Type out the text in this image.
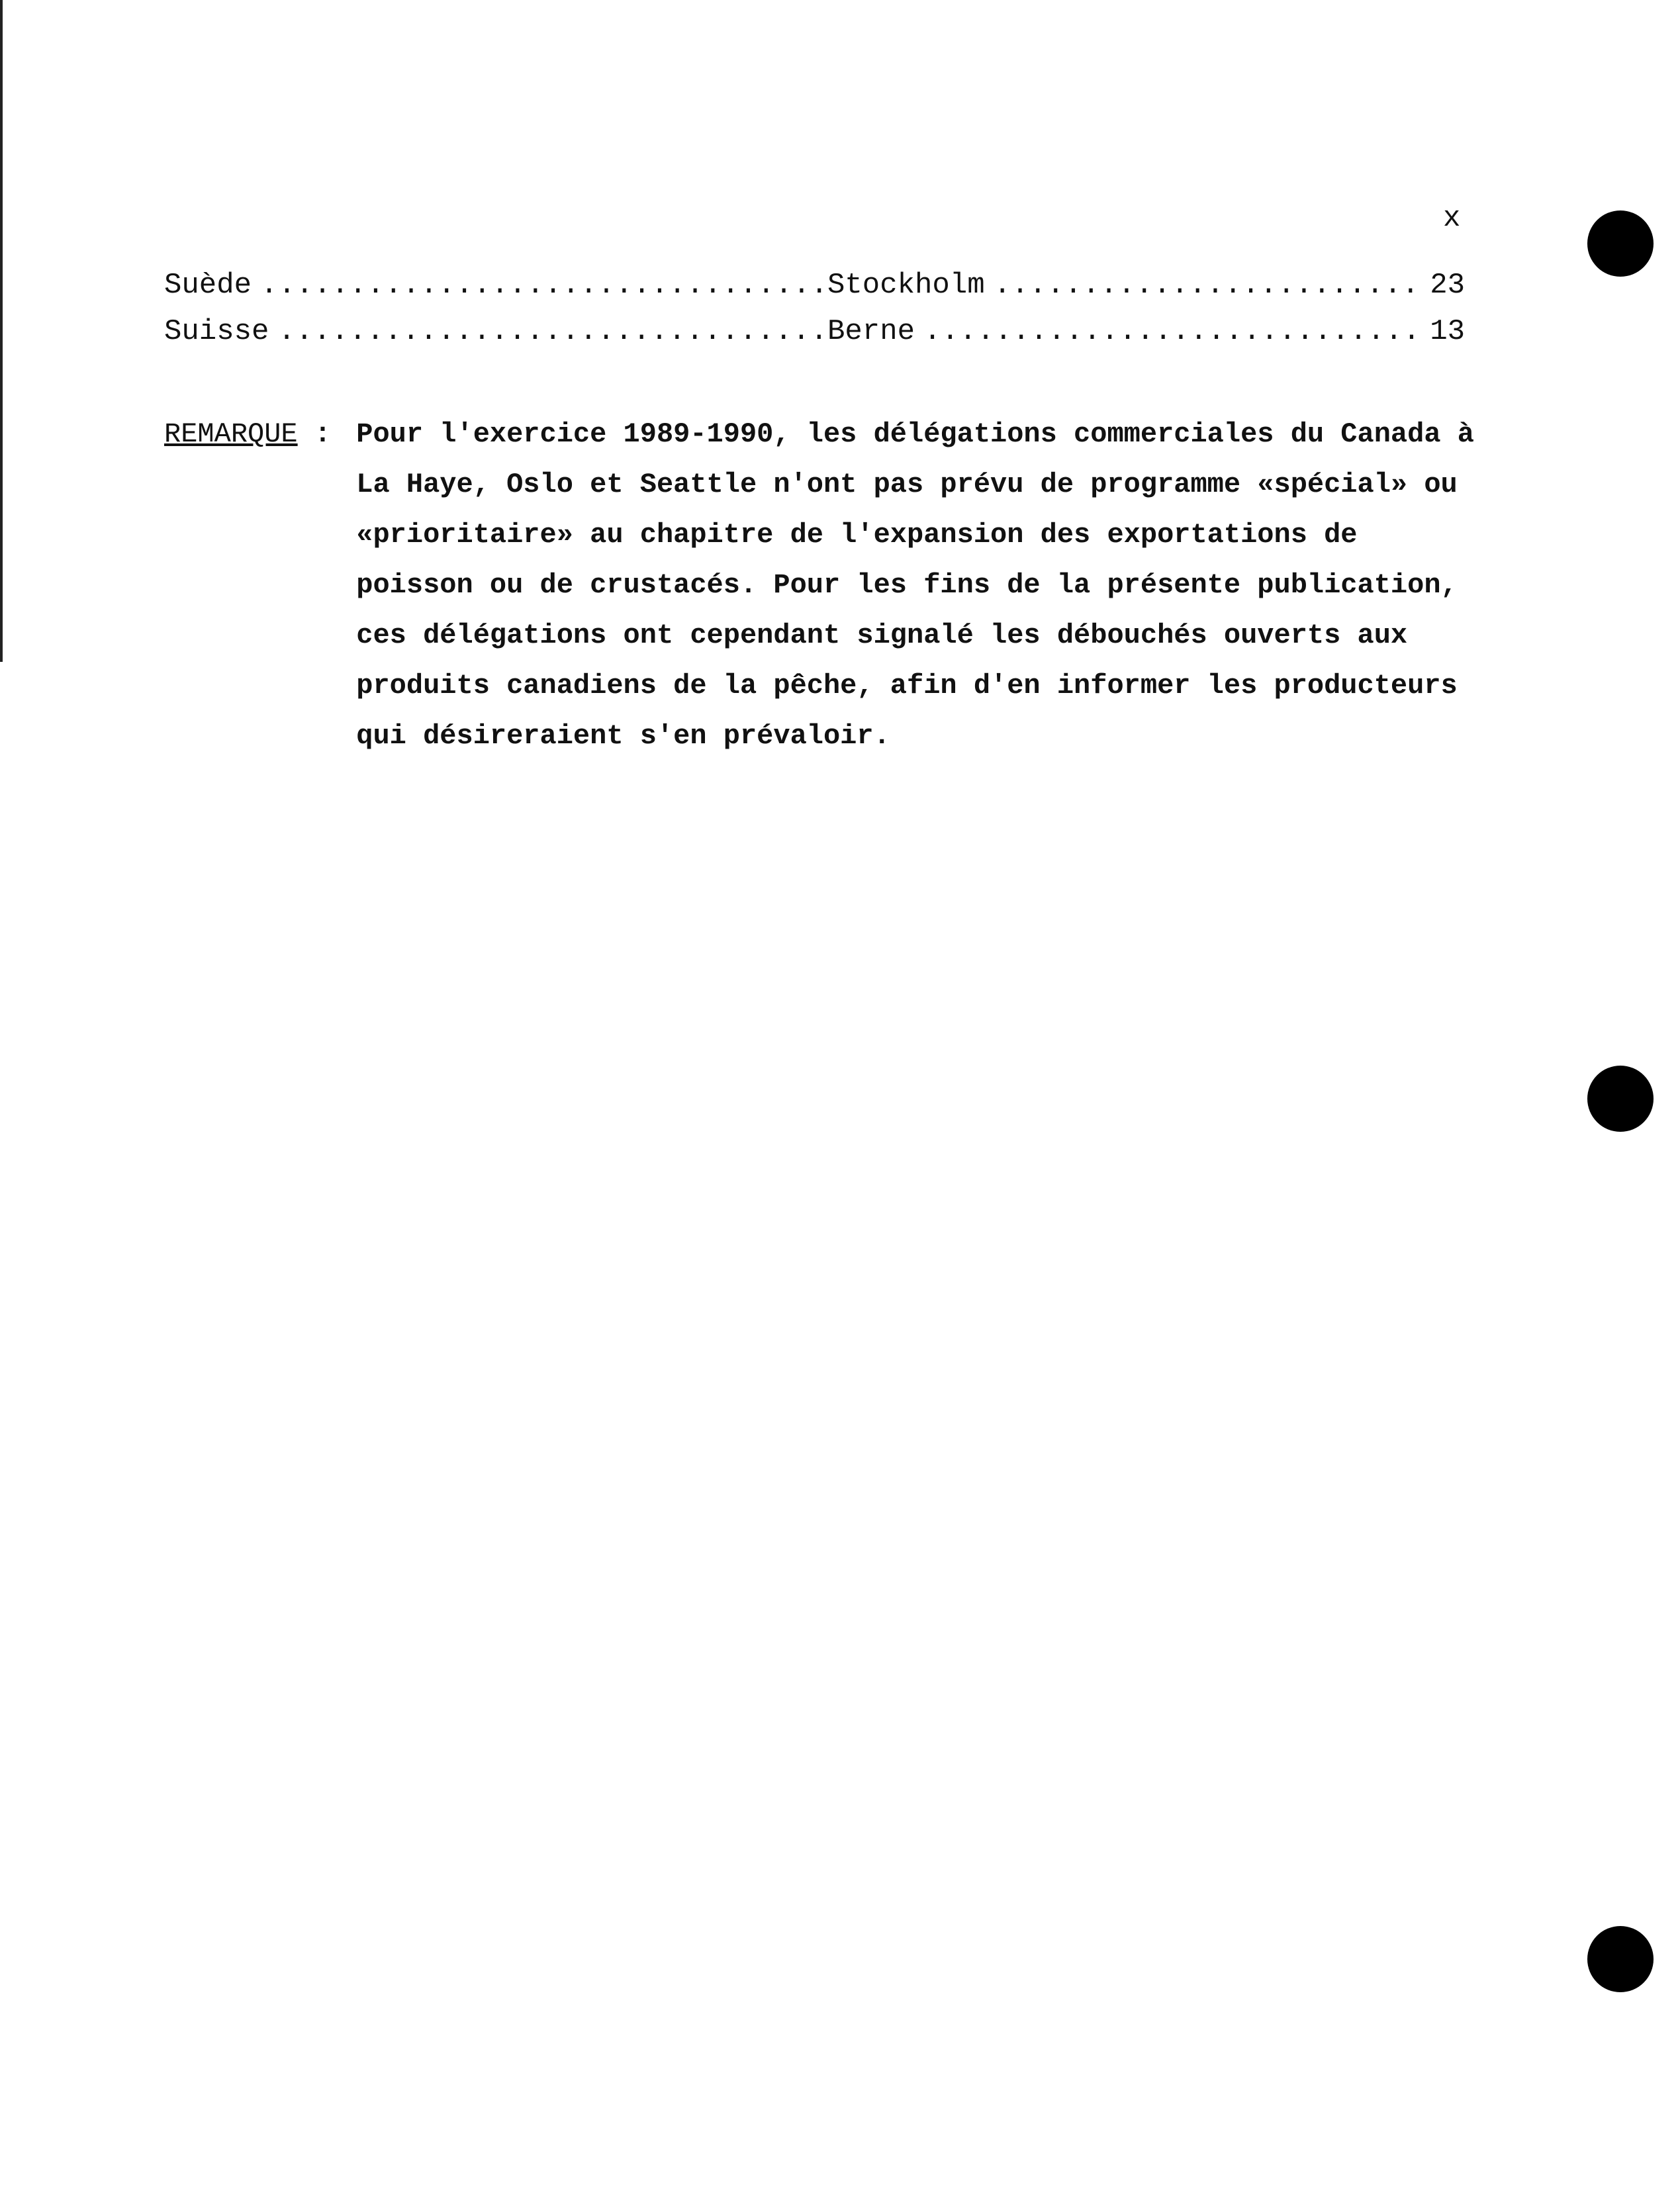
x
Suède . . .	Stockholm . . .	23
Suisse . . .	Berne . . .	13
REMARQUE : Pour l'exercice 1989-1990, les délégations commerciales du Canada à La Haye, Oslo et Seattle n'ont pas prévu de programme «spécial» ou «prioritaire» au chapitre de l'expansion des exportations de poisson ou de crustacés. Pour les fins de la présente publication, ces délégations ont cependant signalé les débouchés ouverts aux produits canadiens de la pêche, afin d'en informer les producteurs qui désireraient s'en prévaloir.
